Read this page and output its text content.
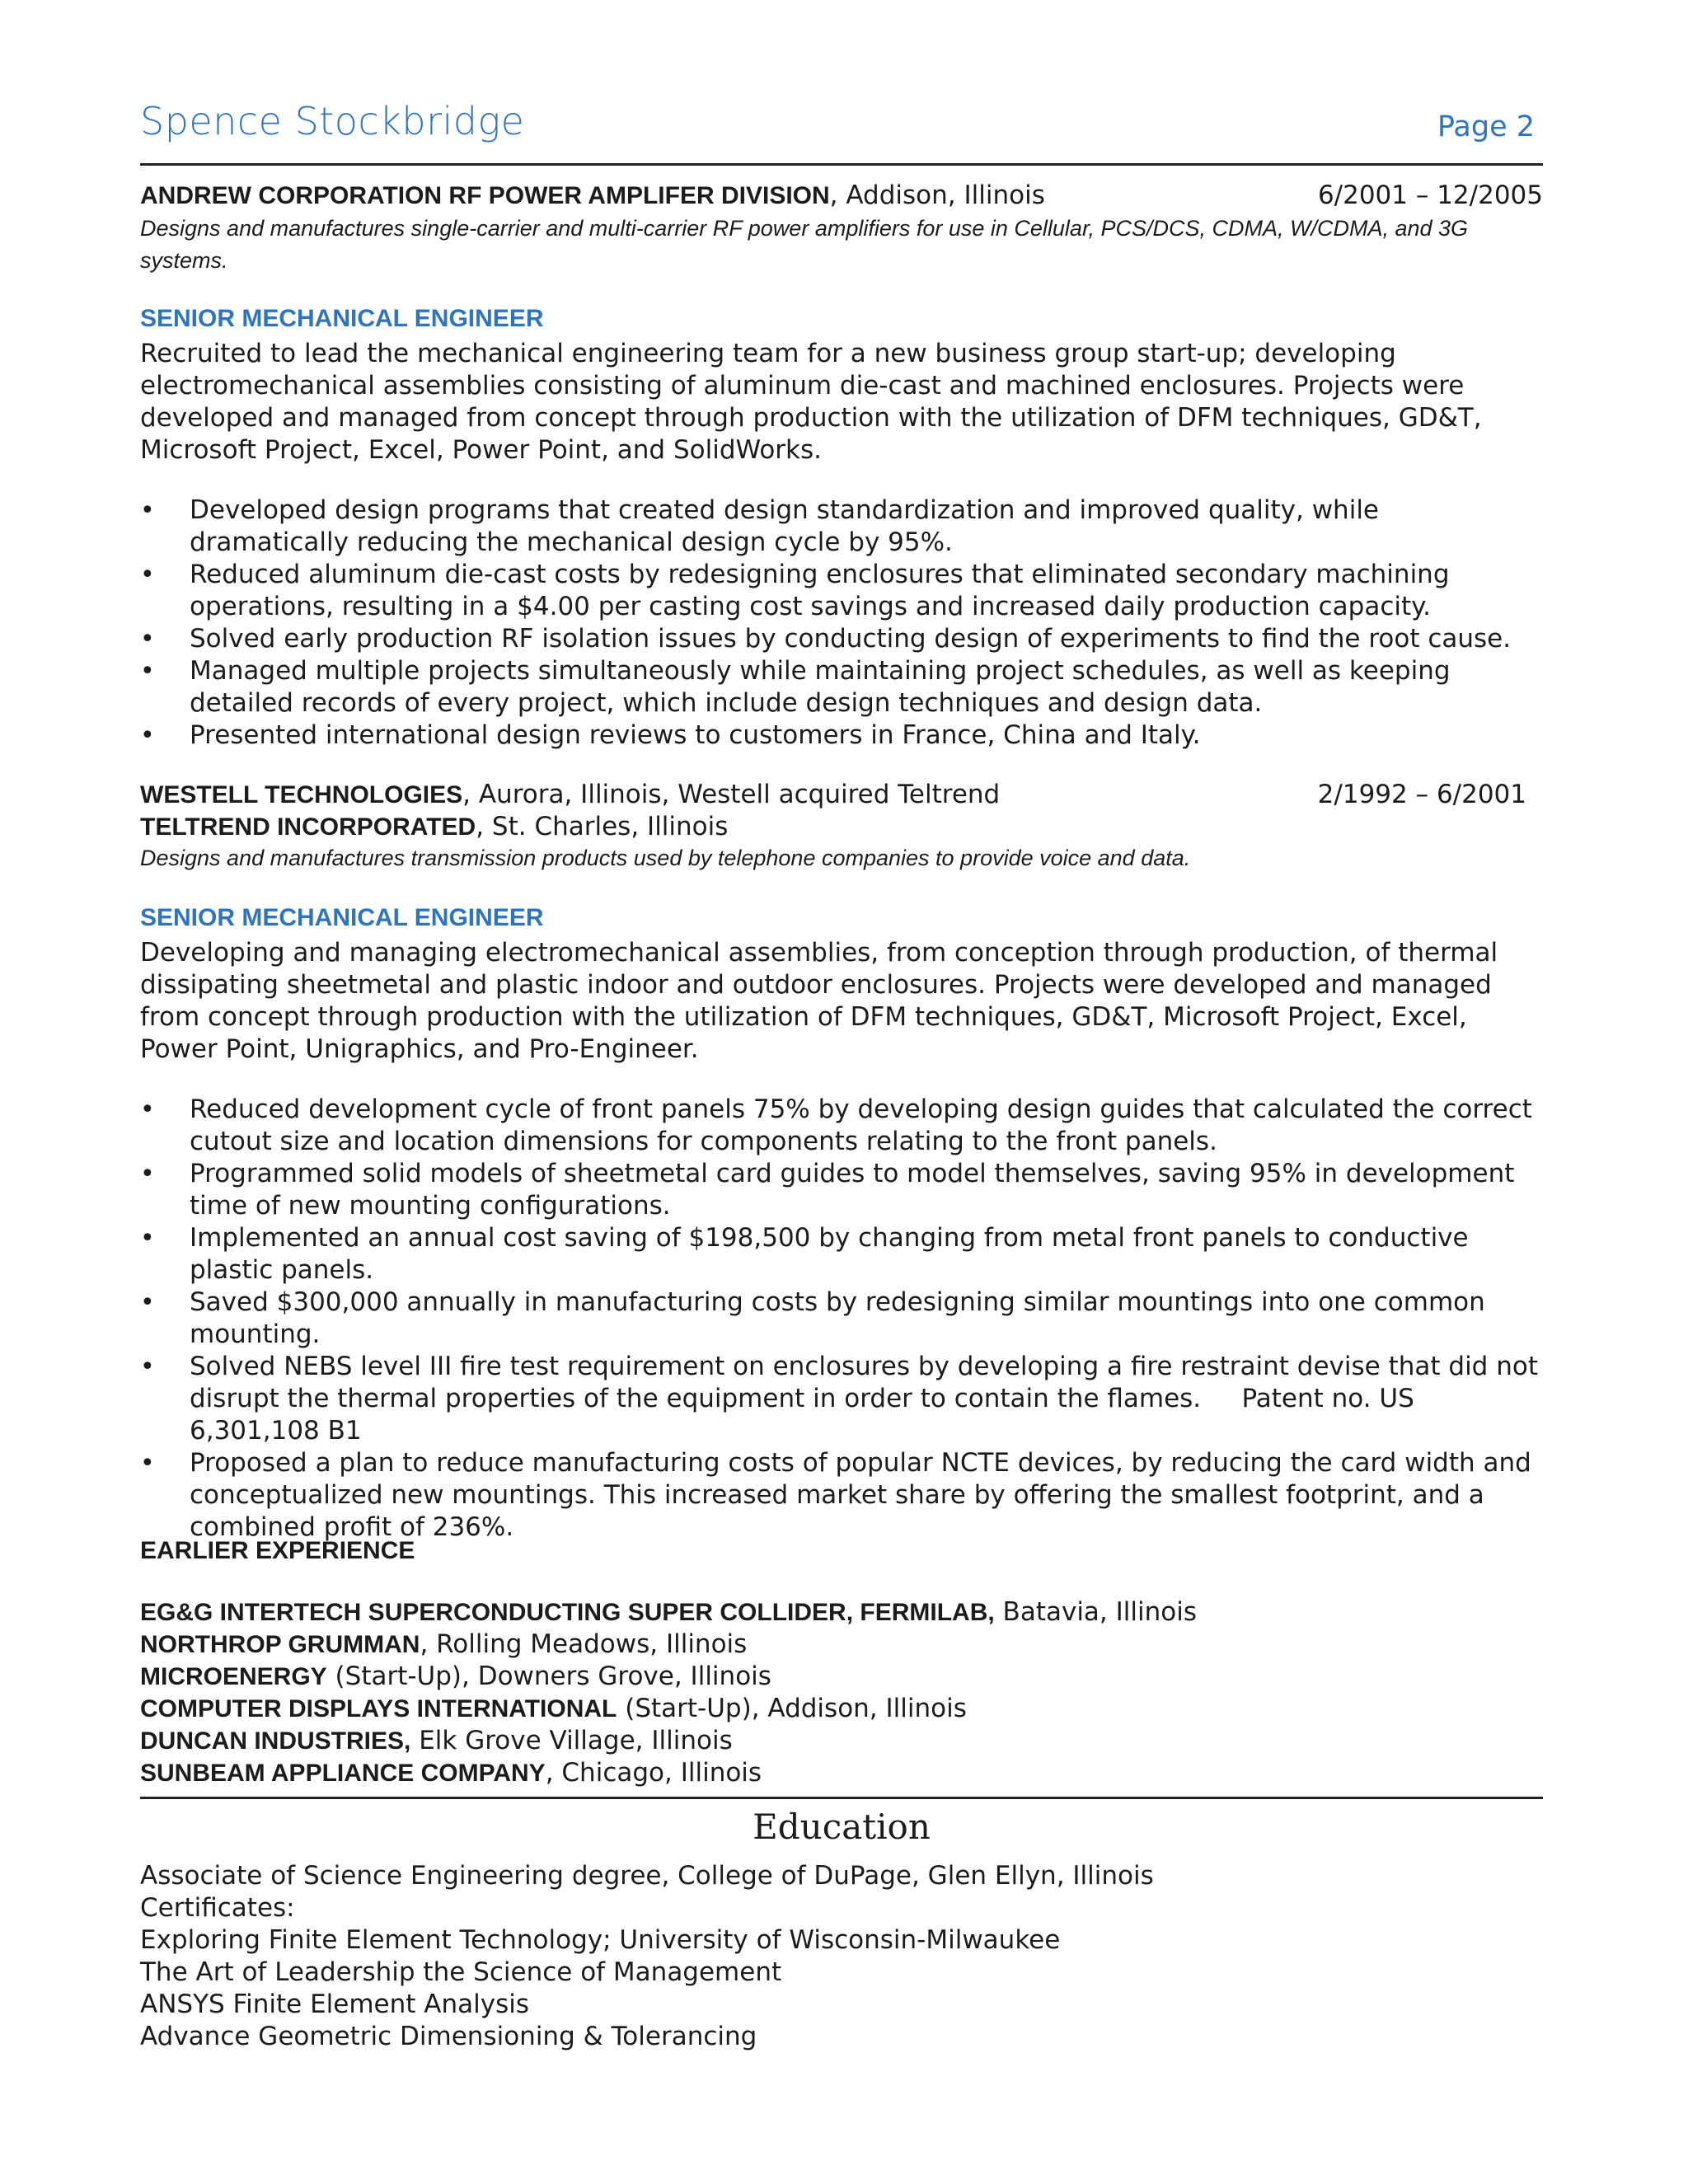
Spence Stockbridge	Page 2
ANDREW CORPORATION RF POWER AMPLIFER DIVISION, Addison, Illinois	6/2001 – 12/2005
Designs and manufactures single-carrier and multi-carrier RF power amplifiers for use in Cellular, PCS/DCS, CDMA, W/CDMA, and 3G systems.
SENIOR MECHANICAL ENGINEER
Recruited to lead the mechanical engineering team for a new business group start-up; developing electromechanical assemblies consisting of aluminum die-cast and machined enclosures. Projects were developed and managed from concept through production with the utilization of DFM techniques, GD&T, Microsoft Project, Excel, Power Point, and SolidWorks.
• Developed design programs that created design standardization and improved quality, while dramatically reducing the mechanical design cycle by 95%.
• Reduced aluminum die-cast costs by redesigning enclosures that eliminated secondary machining operations, resulting in a $4.00 per casting cost savings and increased daily production capacity.
• Solved early production RF isolation issues by conducting design of experiments to find the root cause.
• Managed multiple projects simultaneously while maintaining project schedules, as well as keeping detailed records of every project, which include design techniques and design data.
• Presented international design reviews to customers in France, China and Italy.
WESTELL TECHNOLOGIES, Aurora, Illinois, Westell acquired Teltrend	2/1992 – 6/2001
TELTREND INCORPORATED, St. Charles, Illinois
Designs and manufactures transmission products used by telephone companies to provide voice and data.
SENIOR MECHANICAL ENGINEER
Developing and managing electromechanical assemblies, from conception through production, of thermal dissipating sheetmetal and plastic indoor and outdoor enclosures. Projects were developed and managed from concept through production with the utilization of DFM techniques, GD&T, Microsoft Project, Excel, Power Point, Unigraphics, and Pro-Engineer.
• Reduced development cycle of front panels 75% by developing design guides that calculated the correct cutout size and location dimensions for components relating to the front panels.
• Programmed solid models of sheetmetal card guides to model themselves, saving 95% in development time of new mounting configurations.
• Implemented an annual cost saving of $198,500 by changing from metal front panels to conductive plastic panels.
• Saved $300,000 annually in manufacturing costs by redesigning similar mountings into one common mounting.
• Solved NEBS level III fire test requirement on enclosures by developing a fire restraint devise that did not disrupt the thermal properties of the equipment in order to contain the flames. Patent no. US 6,301,108 B1
• Proposed a plan to reduce manufacturing costs of popular NCTE devices, by reducing the card width and conceptualized new mountings. This increased market share by offering the smallest footprint, and a combined profit of 236%.
EARLIER EXPERIENCE
EG&G INTERTECH SUPERCONDUCTING SUPER COLLIDER, FERMILAB, Batavia, Illinois
NORTHROP GRUMMAN, Rolling Meadows, Illinois
MICROENERGY (Start-Up), Downers Grove, Illinois
COMPUTER DISPLAYS INTERNATIONAL (Start-Up), Addison, Illinois
DUNCAN INDUSTRIES, Elk Grove Village, Illinois
SUNBEAM APPLIANCE COMPANY, Chicago, Illinois
Education
Associate of Science Engineering degree, College of DuPage, Glen Ellyn, Illinois
Certificates:
Exploring Finite Element Technology; University of Wisconsin-Milwaukee
The Art of Leadership the Science of Management
ANSYS Finite Element Analysis
Advance Geometric Dimensioning & Tolerancing
